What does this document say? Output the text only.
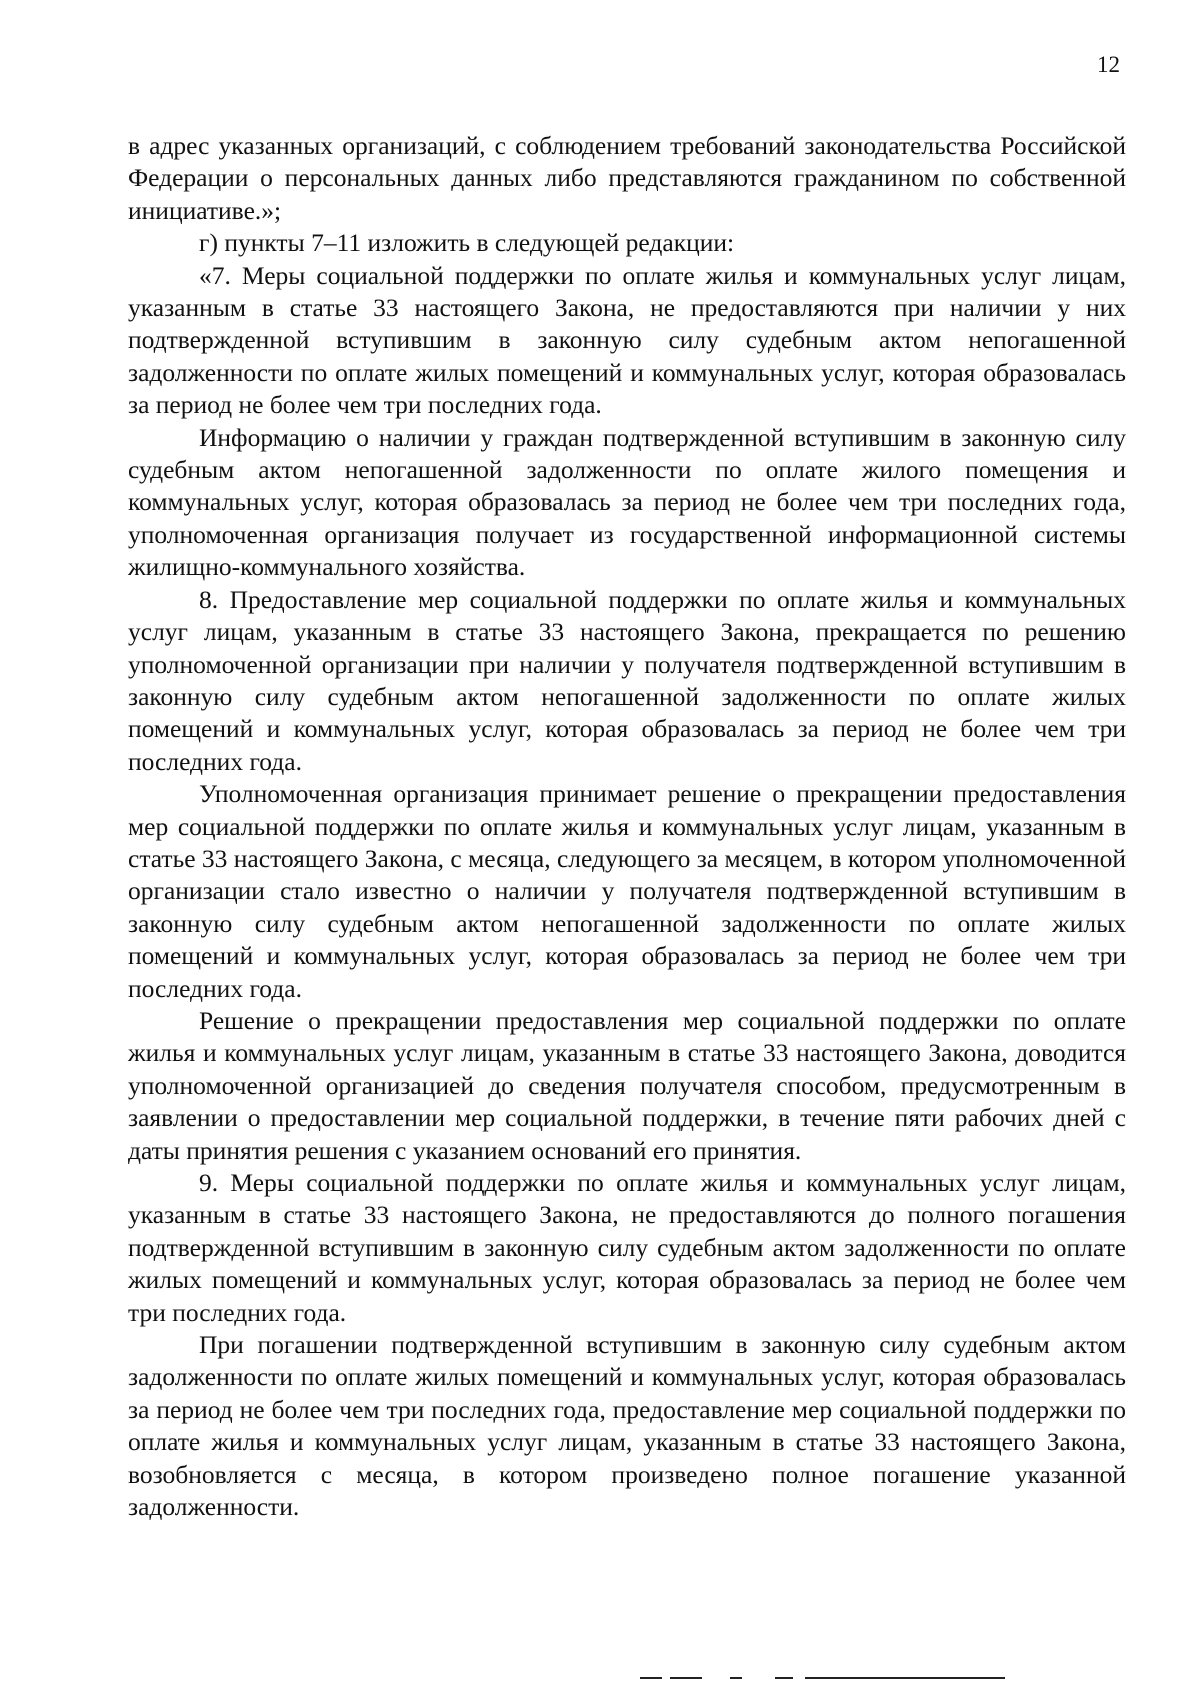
12

в адрес указанных организаций, с соблюдением требований законодательства Российской Федерации о персональных данных либо представляются гражданином по собственной инициативе.»;

г) пункты 7–11 изложить в следующей редакции:

«7. Меры социальной поддержки по оплате жилья и коммунальных услуг лицам, указанным в статье 33 настоящего Закона, не предоставляются при наличии у них подтвержденной вступившим в законную силу судебным актом непогашенной задолженности по оплате жилых помещений и коммунальных услуг, которая образовалась за период не более чем три последних года.

Информацию о наличии у граждан подтвержденной вступившим в законную силу судебным актом непогашенной задолженности по оплате жилого помещения и коммунальных услуг, которая образовалась за период не более чем три последних года, уполномоченная организация получает из государственной информационной системы жилищно-коммунального хозяйства.

8. Предоставление мер социальной поддержки по оплате жилья и коммунальных услуг лицам, указанным в статье 33 настоящего Закона, прекращается по решению уполномоченной организации при наличии у получателя подтвержденной вступившим в законную силу судебным актом непогашенной задолженности по оплате жилых помещений и коммунальных услуг, которая образовалась за период не более чем три последних года.

Уполномоченная организация принимает решение о прекращении предоставления мер социальной поддержки по оплате жилья и коммунальных услуг лицам, указанным в статье 33 настоящего Закона, с месяца, следующего за месяцем, в котором уполномоченной организации стало известно о наличии у получателя подтвержденной вступившим в законную силу судебным актом непогашенной задолженности по оплате жилых помещений и коммунальных услуг, которая образовалась за период не более чем три последних года.

Решение о прекращении предоставления мер социальной поддержки по оплате жилья и коммунальных услуг лицам, указанным в статье 33 настоящего Закона, доводится уполномоченной организацией до сведения получателя способом, предусмотренным в заявлении о предоставлении мер социальной поддержки, в течение пяти рабочих дней с даты принятия решения с указанием оснований его принятия.

9. Меры социальной поддержки по оплате жилья и коммунальных услуг лицам, указанным в статье 33 настоящего Закона, не предоставляются до полного погашения подтвержденной вступившим в законную силу судебным актом задолженности по оплате жилых помещений и коммунальных услуг, которая образовалась за период не более чем три последних года.

При погашении подтвержденной вступившим в законную силу судебным актом задолженности по оплате жилых помещений и коммунальных услуг, которая образовалась за период не более чем три последних года, предоставление мер социальной поддержки по оплате жилья и коммунальных услуг лицам, указанным в статье 33 настоящего Закона, возобновляется с месяца, в котором произведено полное погашение указанной задолженности.
